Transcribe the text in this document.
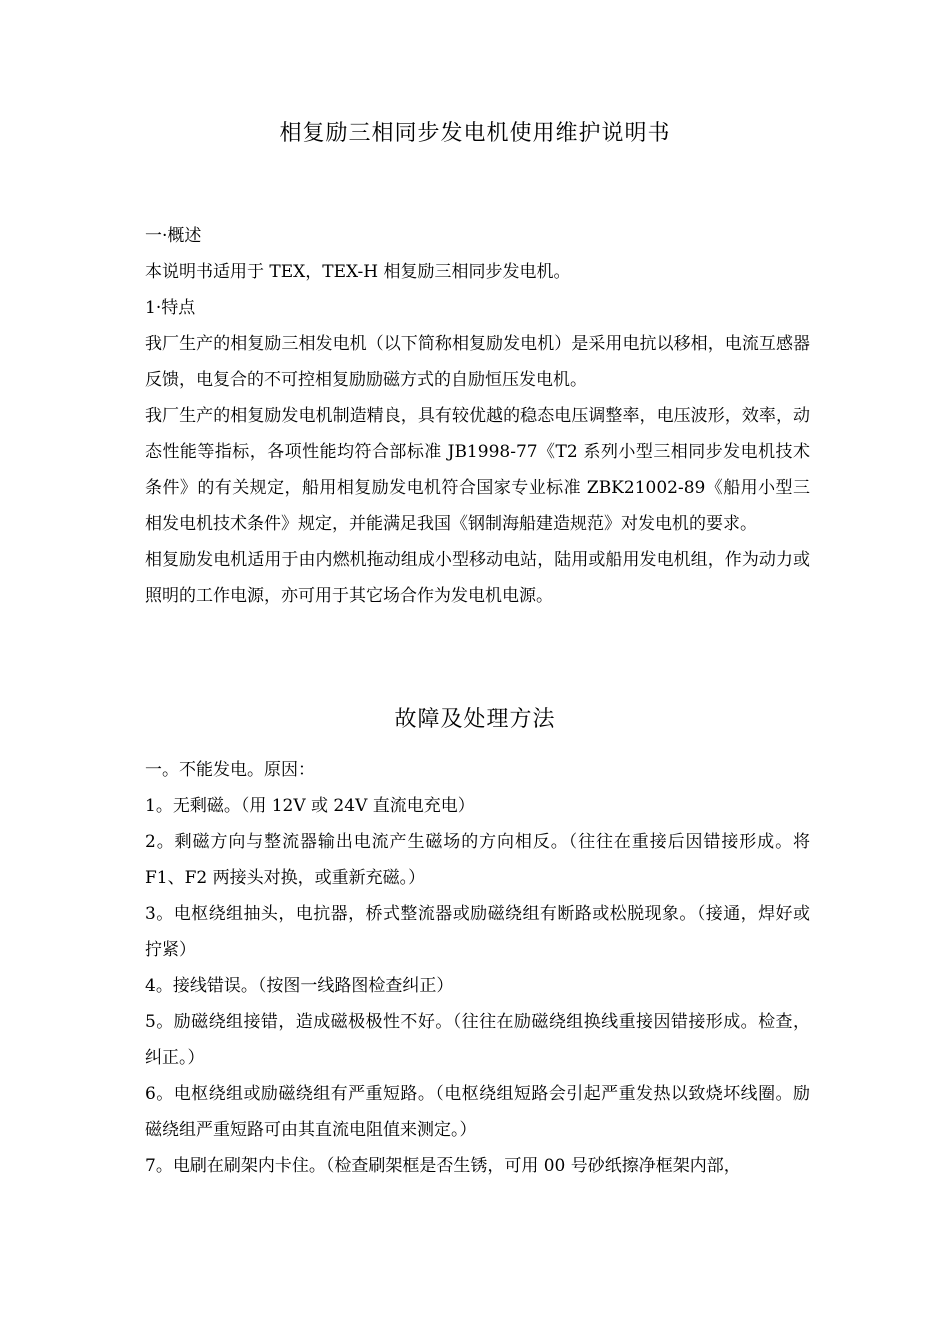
相复励三相同步发电机使用维护说明书

一·概述

本说明书适用于 TEX，TEX-H 相复励三相同步发电机。

1·特点

我厂生产的相复励三相发电机（以下简称相复励发电机）是采用电抗以移相，电流互感器反馈，电复合的不可控相复励励磁方式的自励恒压发电机。

我厂生产的相复励发电机制造精良，具有较优越的稳态电压调整率，电压波形，效率，动态性能等指标，各项性能均符合部标准 JB1998-77《T2 系列小型三相同步发电机技术条件》的有关规定，船用相复励发电机符合国家专业标准 ZBK21002-89《船用小型三相发电机技术条件》规定，并能满足我国《钢制海船建造规范》对发电机的要求。

相复励发电机适用于由内燃机拖动组成小型移动电站，陆用或船用发电机组，作为动力或照明的工作电源，亦可用于其它场合作为发电机电源。

故障及处理方法

一。不能发电。原因：

1。无剩磁。（用 12V 或 24V 直流电充电）

2。剩磁方向与整流器输出电流产生磁场的方向相反。（往往在重接后因错接形成。将 F1、F2 两接头对换，或重新充磁。）

3。电枢绕组抽头，电抗器，桥式整流器或励磁绕组有断路或松脱现象。（接通，焊好或拧紧）

4。接线错误。（按图一线路图检查纠正）

5。励磁绕组接错，造成磁极极性不好。（往往在励磁绕组换线重接因错接形成。检查，纠正。）

6。电枢绕组或励磁绕组有严重短路。（电枢绕组短路会引起严重发热以致烧坏线圈。励磁绕组严重短路可由其直流电阻值来测定。）

7。电刷在刷架内卡住。（检查刷架框是否生锈，可用 00 号砂纸擦净框架内部，
